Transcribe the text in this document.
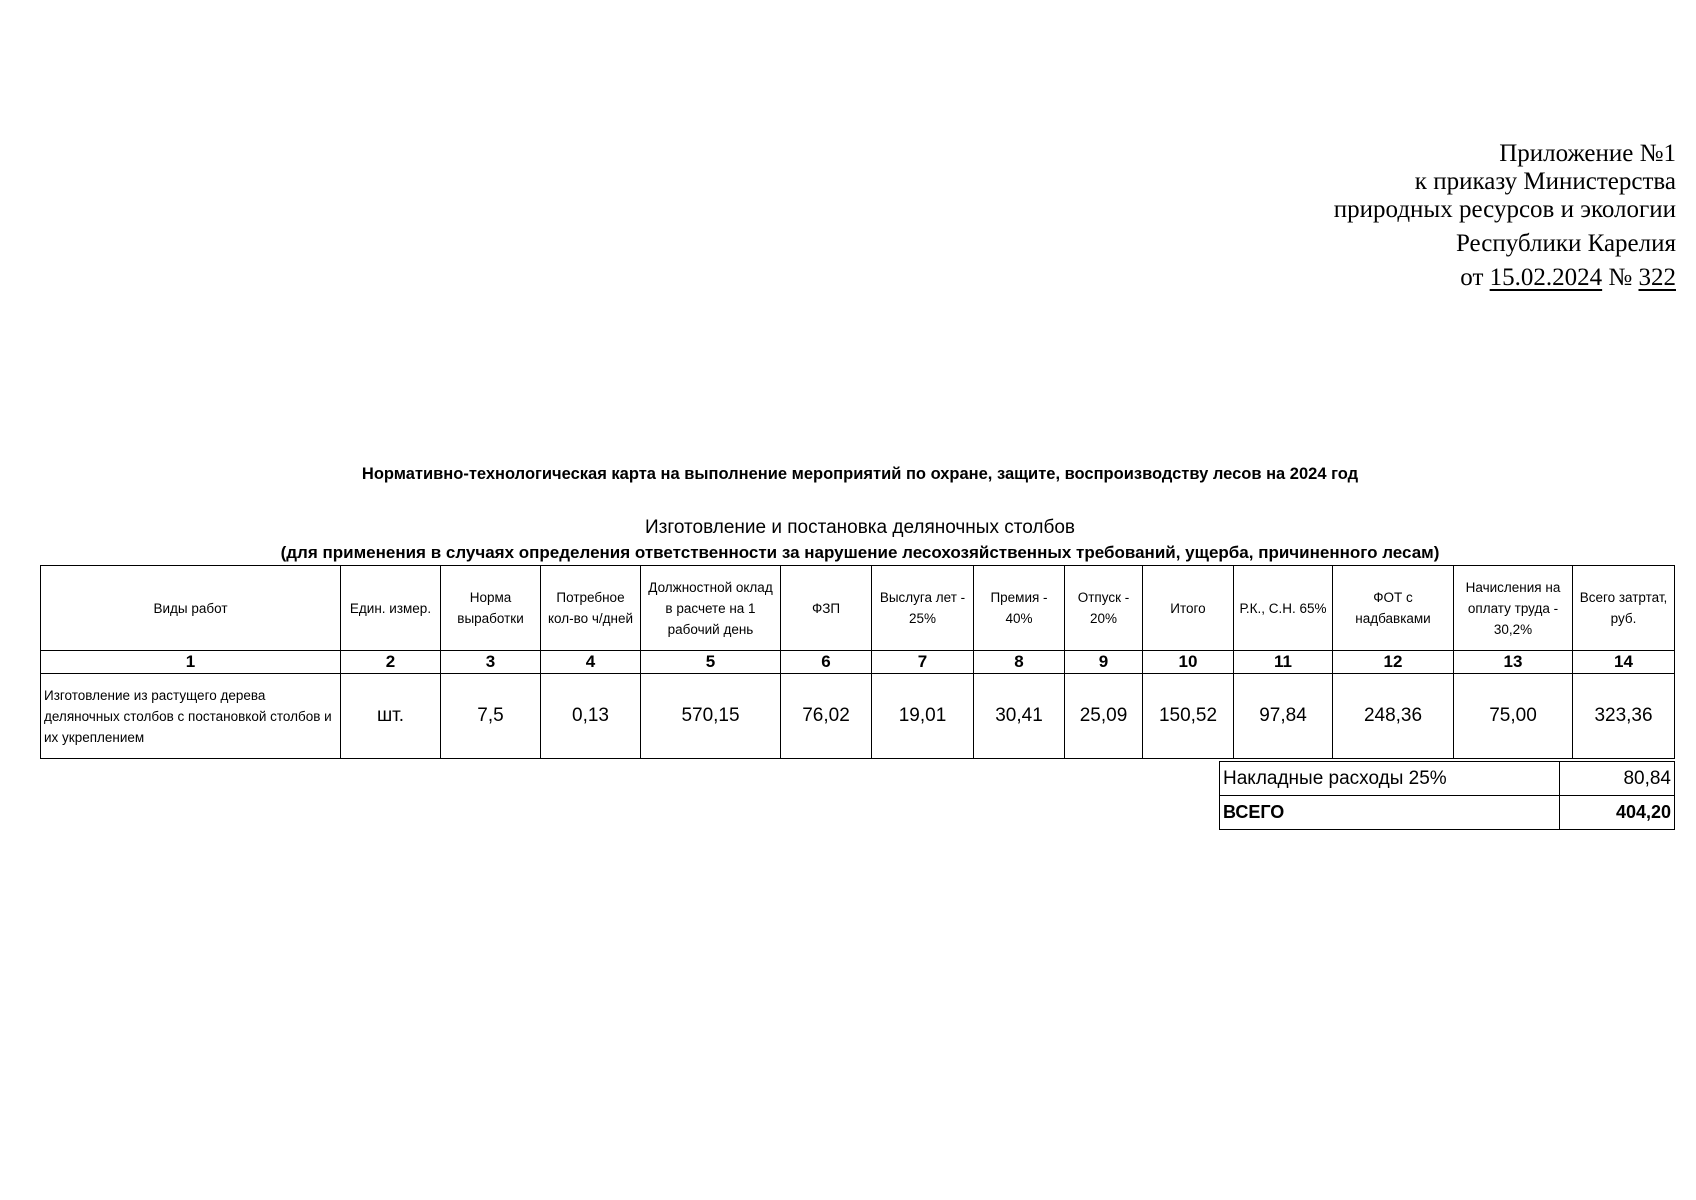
Приложение №1
к приказу Министерства
природных ресурсов и экологии
Республики Карелия
от 15.02.2024 № 322
Нормативно-технологическая карта на выполнение мероприятий по охране, защите, воспроизводству лесов на 2024 год
Изготовление и постановка деляночных столбов
(для применения в случаях определения ответственности за нарушение лесохозяйственных требований, ущерба, причиненного лесам)
Виды работ	Един. измер.	Норма выработки	Потребное кол-во ч/дней	Должностной оклад в расчете на 1 рабочий день	ФЗП	Выслуга лет - 25%	Премия - 40%	Отпуск - 20%	Итого	Р.К., С.Н. 65%	ФОТ с надбавками	Начисления на оплату труда - 30,2%	Всего затртат, руб.
1	2	3	4	5	6	7	8	9	10	11	12	13	14
Изготовление из растущего дерева деляночных столбов с постановкой столбов и их укреплением	шт.	7,5	0,13	570,15	76,02	19,01	30,41	25,09	150,52	97,84	248,36	75,00	323,36
Накладные расходы 25%	80,84
ВСЕГО	404,20
